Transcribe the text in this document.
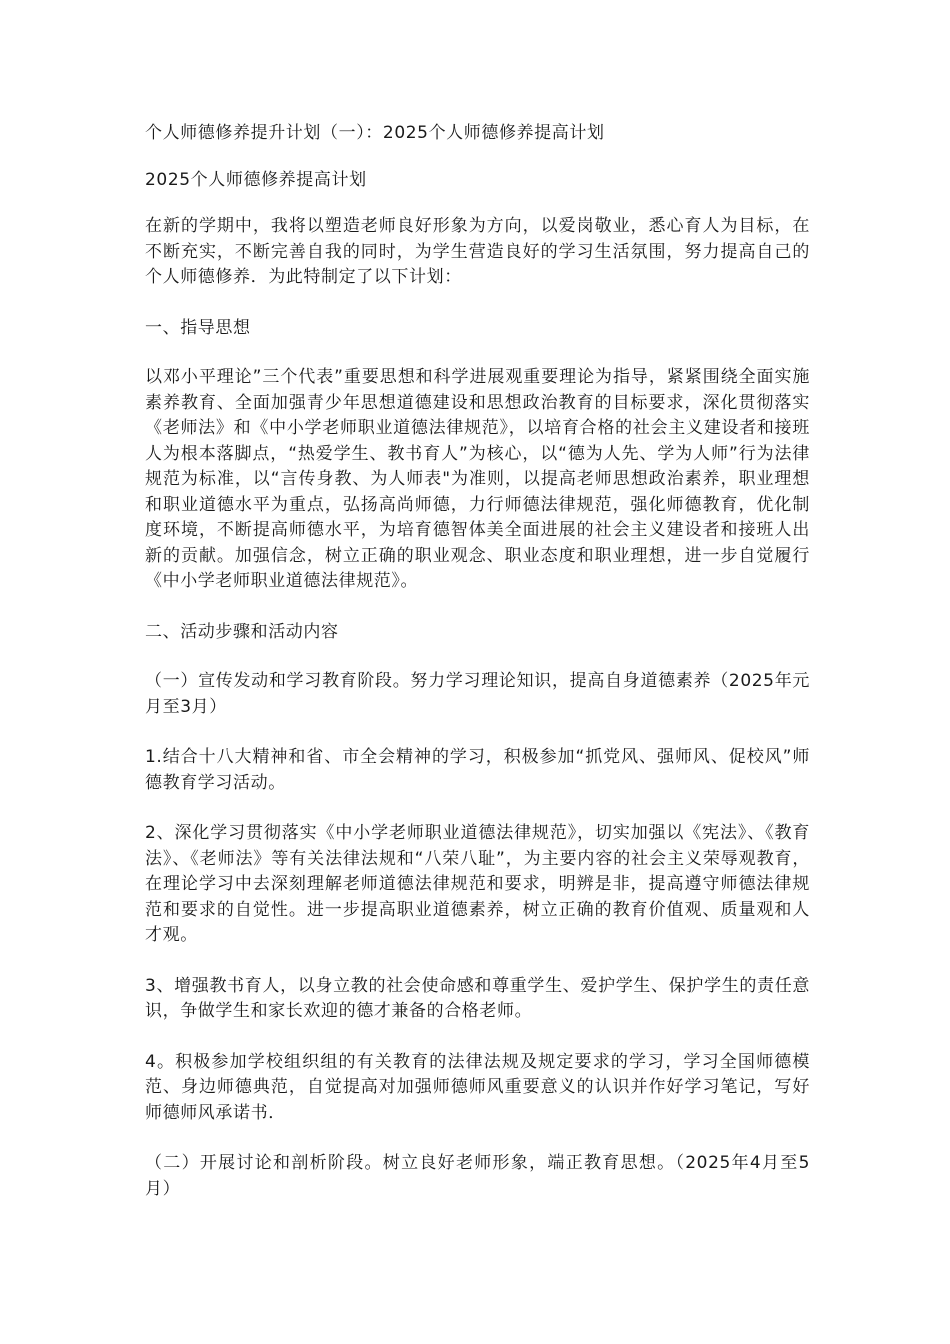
个人师德修养提升计划（一）：2025个人师德修养提高计划

2025个人师德修养提高计划

在新的学期中，我将以塑造老师良好形象为方向，以爱岗敬业，悉心育人为目标，在不断充实，不断完善自我的同时，为学生营造良好的学习生活氛围，努力提高自己的个人师德修养．为此特制定了以下计划：

一、指导思想

以邓小平理论”三个代表”重要思想和科学进展观重要理论为指导，紧紧围绕全面实施素养教育、全面加强青少年思想道德建设和思想政治教育的目标要求，深化贯彻落实《老师法》和《中小学老师职业道德法律规范》，以培育合格的社会主义建设者和接班人为根本落脚点，“热爱学生、教书育人”为核心，以“德为人先、学为人师”行为法律规范为标准，以“言传身教、为人师表"为准则，以提高老师思想政治素养，职业理想和职业道德水平为重点，弘扬高尚师德，力行师德法律规范，强化师德教育，优化制度环境，不断提高师德水平，为培育德智体美全面进展的社会主义建设者和接班人出新的贡献。加强信念，树立正确的职业观念、职业态度和职业理想，进一步自觉履行《中小学老师职业道德法律规范》。

二、活动步骤和活动内容

（一）宣传发动和学习教育阶段。努力学习理论知识，提高自身道德素养（2025年元月至3月）

1.结合十八大精神和省、市全会精神的学习，积极参加“抓党风、强师风、促校风”师德教育学习活动。

2、深化学习贯彻落实《中小学老师职业道德法律规范》，切实加强以《宪法》、《教育法》、《老师法》等有关法律法规和“八荣八耻”，为主要内容的社会主义荣辱观教育，在理论学习中去深刻理解老师道德法律规范和要求，明辨是非，提高遵守师德法律规范和要求的自觉性。进一步提高职业道德素养，树立正确的教育价值观、质量观和人才观。

3、增强教书育人，以身立教的社会使命感和尊重学生、爱护学生、保护学生的责任意识，争做学生和家长欢迎的德才兼备的合格老师。

4。积极参加学校组织组的有关教育的法律法规及规定要求的学习，学习全国师德模范、身边师德典范，自觉提高对加强师德师风重要意义的认识并作好学习笔记，写好师德师风承诺书．

（二）开展讨论和剖析阶段。树立良好老师形象，端正教育思想。（2025年4月至5月）
